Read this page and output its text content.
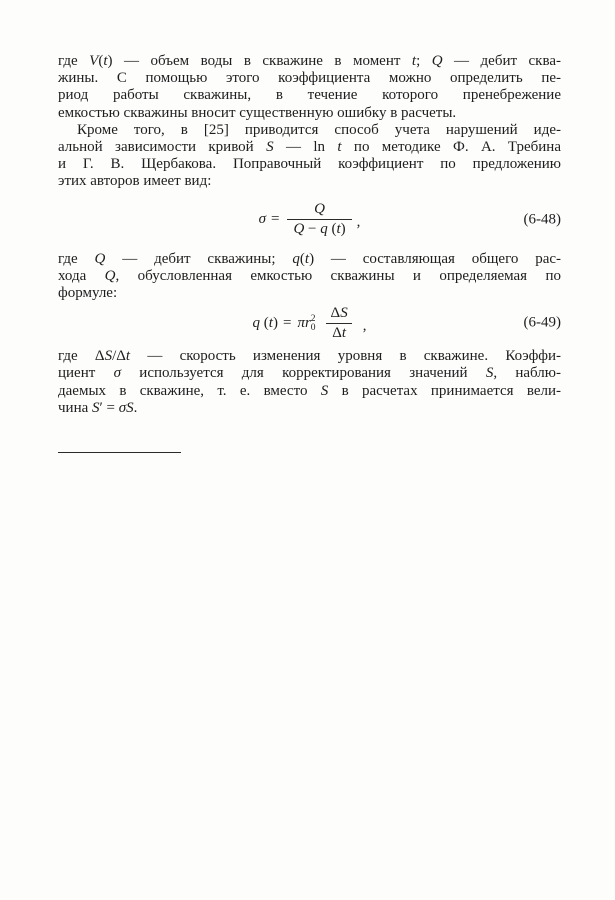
где V(t) — объем воды в скважине в момент t; Q — дебит сква-
жины. С помощью этого коэффициента можно определить пе-
риод работы скважины, в течение которого пренебрежение
емкостью скважины вносит существенную ошибку в расчеты.
Кроме того, в [25] приводится способ учета нарушений иде-
альной зависимости кривой S — ln t по методике Ф. А. Требина
и Г. В. Щербакова. Поправочный коэффициент по предложению
этих авторов имеет вид:
$\sigma = \frac{Q}{Q - q (t)}$ ,	(6-48)
где Q — дебит скважины; q(t) — составляющая общего рас-
хода Q, обусловленная емкостью скважины и определяемая по
формуле:
q (t) = πr 2
$0 \frac{\Delta S}{\Delta t}$ ,	(6-49)
где ΔS/Δt — скорость изменения уровня в скважине. Коэффи-
циент σ используется для корректирования значений S, наблю-
даемых в скважине, т. е. вместо S в расчетах принимается вели-
чина S′ = σS.
